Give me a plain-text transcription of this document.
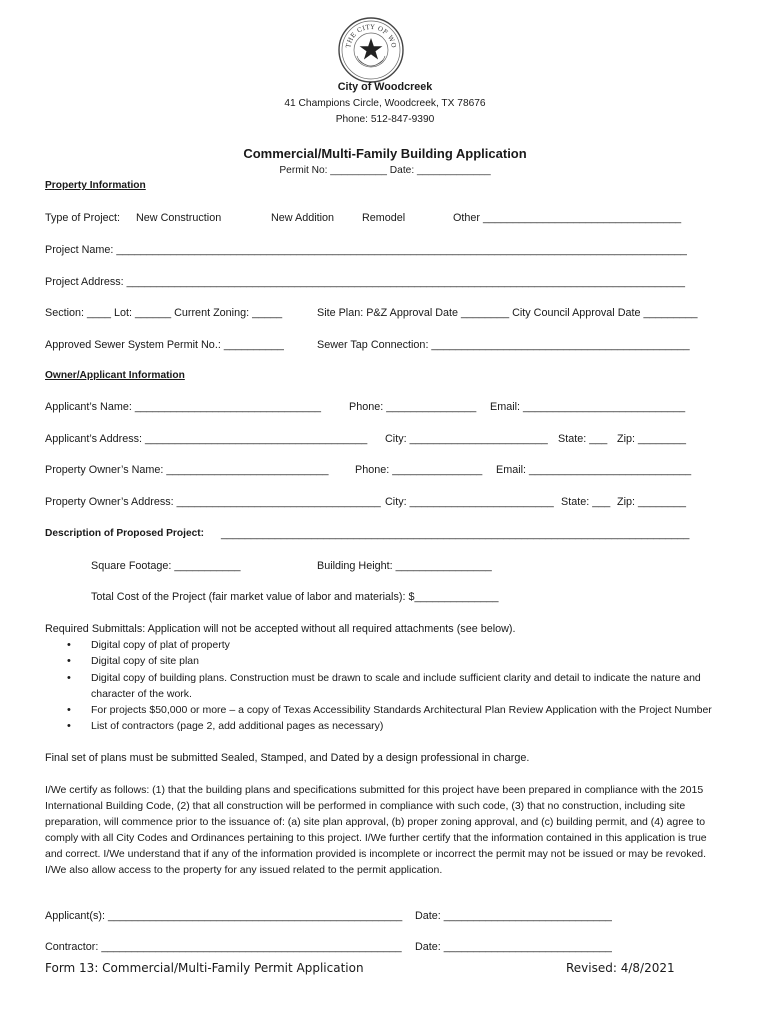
THE CITY OF WO
City of Woodcreek
41 Champions Circle, Woodcreek, TX 78676
Phone: 512-847-9390
Commercial/Multi-Family Building Application
Permit No: __________ Date: _____________
Property Information
Type of Project: New Construction	New Addition	Remodel	Other _________________________________
Project Name: _______________________________________________________________________________________________
Project Address: _____________________________________________________________________________________________
Section: ____ Lot: ______ Current Zoning: _____	Site Plan: P&Z Approval Date ________ City Council Approval Date _________
Approved Sewer System Permit No.: __________	Sewer Tap Connection: ___________________________________________
Owner/Applicant Information
Applicant’s Name: _______________________________	Phone: _______________ Email: ___________________________
Applicant’s Address: _____________________________________ City: _______________________ State: ___ Zip: ________
Property Owner’s Name: ___________________________ Phone: _______________ Email: ___________________________
Property Owner’s Address: __________________________________ City: ________________________ State: ___ Zip: ________
Description of Proposed Project: ______________________________________________________________________________
Square Footage: ___________	Building Height: ________________
Total Cost of the Project (fair market value of labor and materials): $______________
Required Submittals: Application will not be accepted without all required attachments (see below).
• Digital copy of plat of property
• Digital copy of site plan
• Digital copy of building plans. Construction must be drawn to scale and include sufficient clarity and detail to indicate the nature and character of the work.
• For projects $50,000 or more – a copy of Texas Accessibility Standards Architectural Plan Review Application with the Project Number
• List of contractors (page 2, add additional pages as necessary)
Final set of plans must be submitted Sealed, Stamped, and Dated by a design professional in charge.
I/We certify as follows: (1) that the building plans and specifications submitted for this project have been prepared in compliance with the 2015 International Building Code, (2) that all construction will be performed in compliance with such code, (3) that no construction, including site preparation, will commence prior to the issuance of: (a) site plan approval, (b) proper zoning approval, and (c) building permit, and (4) agree to comply with all City Codes and Ordinances pertaining to this project. I/We further certify that the information contained in this application is true and correct. I/We understand that if any of the information provided is incomplete or incorrect the permit may not be issued or may be revoked. I/We also allow access to the property for any issued related to the permit application.
Applicant(s): _________________________________________________ Date: ____________________________
Contractor: __________________________________________________ Date: ____________________________
Form 13: Commercial/Multi-Family Permit Application	Revised: 4/8/2021
